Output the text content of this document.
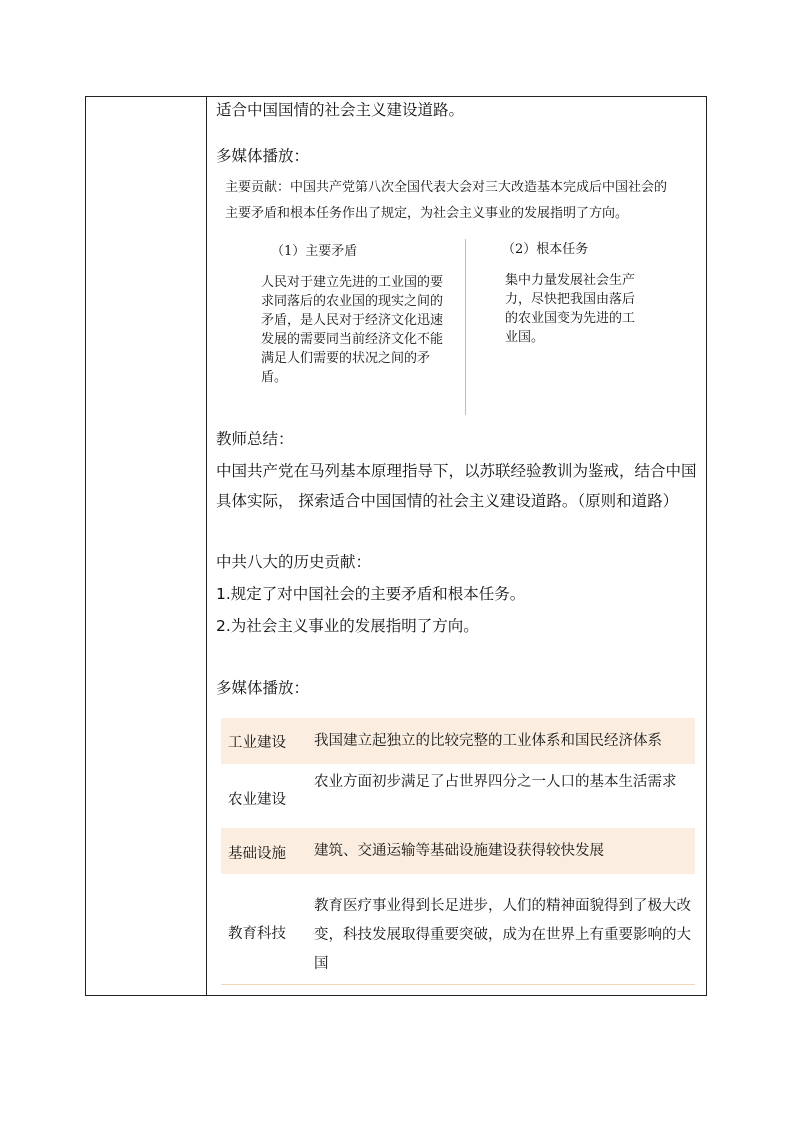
适合中国国情的社会主义建设道路。
多媒体播放：
主要贡献：中国共产党第八次全国代表大会对三大改造基本完成后中国社会的
主要矛盾和根本任务作出了规定，为社会主义事业的发展指明了方向。
（1）主要矛盾
人民对于建立先进的工业国的要求同落后的农业国的现实之间的矛盾，是人民对于经济文化迅速发展的需要同当前经济文化不能满足人们需要的状况之间的矛盾。
（2）根本任务
集中力量发展社会生产力，尽快把我国由落后的农业国变为先进的工业国。
教师总结：
中国共产党在马列基本原理指导下，以苏联经验教训为鉴戒，结合中国
具体实际， 探索适合中国国情的社会主义建设道路。（原则和道路）
中共八大的历史贡献：
1.规定了对中国社会的主要矛盾和根本任务。
2.为社会主义事业的发展指明了方向。
多媒体播放：
工业建设 我国建立起独立的比较完整的工业体系和国民经济体系
农业建设
农业方面初步满足了占世界四分之一人口的基本生活需求
基础设施 建筑、交通运输等基础设施建设获得较快发展
教育科技
教育医疗事业得到长足进步，人们的精神面貌得到了极大改变，科技发展取得重要突破，成为在世界上有重要影响的大国
